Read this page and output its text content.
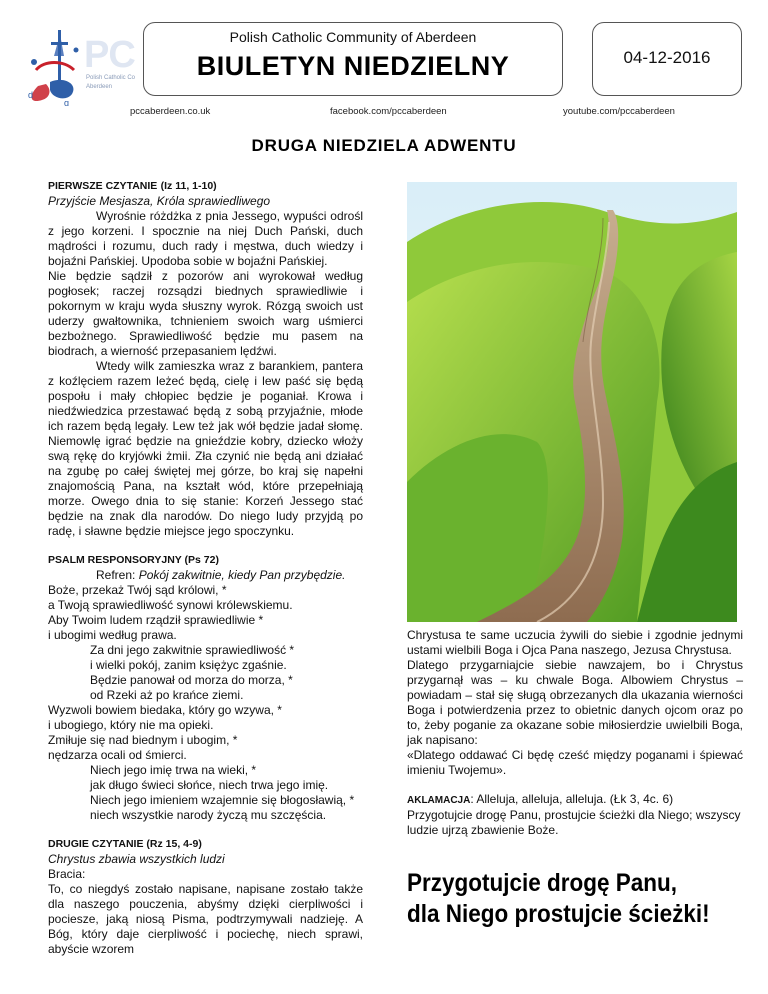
d
ɑ
PC
Polish Catholic Co
Aberdeen
Polish Catholic Community of Aberdeen
BIULETYN NIEDZIELNY	04-12-2016
pccaberdeen.co.uk	facebook.com/pccaberdeen	youtube.com/pccaberdeen
DRUGA NIEDZIELA ADWENTU
PIERWSZE CZYTANIE (Iz 11, 1-10)

Przyjście Mesjasza, Króla sprawiedliwego

Wyrośnie różdżka z pnia Jessego, wypuści odrośl z jego korzeni. I spocznie na niej Duch Pański, duch mądrości i rozumu, duch rady i męstwa, duch wiedzy i bojaźni Pańskiej. Upodoba sobie w bojaźni Pańskiej.

Nie będzie sądził z pozorów ani wyrokował według pogłosek; raczej rozsądzi biednych sprawiedliwie i pokornym w kraju wyda słuszny wyrok. Rózgą swoich ust uderzy gwałtownika, tchnieniem swoich warg uśmierci bezbożnego. Sprawiedliwość będzie mu pasem na biodrach, a wierność przepasaniem lędźwi.

Wtedy wilk zamieszka wraz z barankiem, pantera z koźlęciem razem leżeć będą, cielę i lew paść się będą pospołu i mały chłopiec będzie je poganiał. Krowa i niedźwiedzica przestawać będą z sobą przyjaźnie, młode ich razem będą legały. Lew też jak wół będzie jadał słomę. Niemowlę igrać będzie na gnieździe kobry, dziecko włoży swą rękę do kryjówki żmii. Zła czynić nie będą ani działać na zgubę po całej świętej mej górze, bo kraj się napełni znajomością Pana, na kształt wód, które przepełniają morze. Owego dnia to się stanie: Korzeń Jessego stać będzie na znak dla narodów. Do niego ludy przyjdą po radę, i sławne będzie miejsce jego spoczynku.

PSALM RESPONSORYJNY (Ps 72)

Refren: Pokój zakwitnie, kiedy Pan przybędzie.

Boże, przekaż Twój sąd królowi, *

a Twoją sprawiedliwość synowi królewskiemu.

Aby Twoim ludem rządził sprawiedliwie *

i ubogimi według prawa.

Za dni jego zakwitnie sprawiedliwość *

i wielki pokój, zanim księżyc zgaśnie.

Będzie panował od morza do morza, *

od Rzeki aż po krańce ziemi.

Wyzwoli bowiem biedaka, który go wzywa, *

i ubogiego, który nie ma opieki.

Zmiłuje się nad biednym i ubogim, *

nędzarza ocali od śmierci.

Niech jego imię trwa na wieki, *

jak długo świeci słońce, niech trwa jego imię.

Niech jego imieniem wzajemnie się błogosławią, *

niech wszystkie narody życzą mu szczęścia.

DRUGIE CZYTANIE (Rz 15, 4-9)

Chrystus zbawia wszystkich ludzi

Bracia:

To, co niegdyś zostało napisane, napisane zostało także dla naszego pouczenia, abyśmy dzięki cierpliwości i pociesze, jaką niosą Pisma, podtrzymywali nadzieję. A Bóg, który daje cierpliwość i pociechę, niech sprawi, abyście wzorem

Chrystusa te same uczucia żywili do siebie i zgodnie jednymi ustami wielbili Boga i Ojca Pana naszego, Jezusa Chrystusa.

Dlatego przygarniajcie siebie nawzajem, bo i Chrystus przygarnął was – ku chwale Boga. Albowiem Chrystus – powiadam – stał się sługą obrzezanych dla ukazania wierności Boga i potwierdzenia przez to obietnic danych ojcom oraz po to, żeby poganie za okazane sobie miłosierdzie uwielbili Boga, jak napisano:

«Dlatego oddawać Ci będę cześć między poganami i śpiewać imieniu Twojemu».

AKLAMACJA: Alleluja, alleluja, alleluja. (Łk 3, 4c. 6)

Przygotujcie drogę Panu, prostujcie ścieżki dla Niego; wszyscy ludzie ujrzą zbawienie Boże.

Przygotujcie drogę Panu,
dla Niego prostujcie ścieżki!
